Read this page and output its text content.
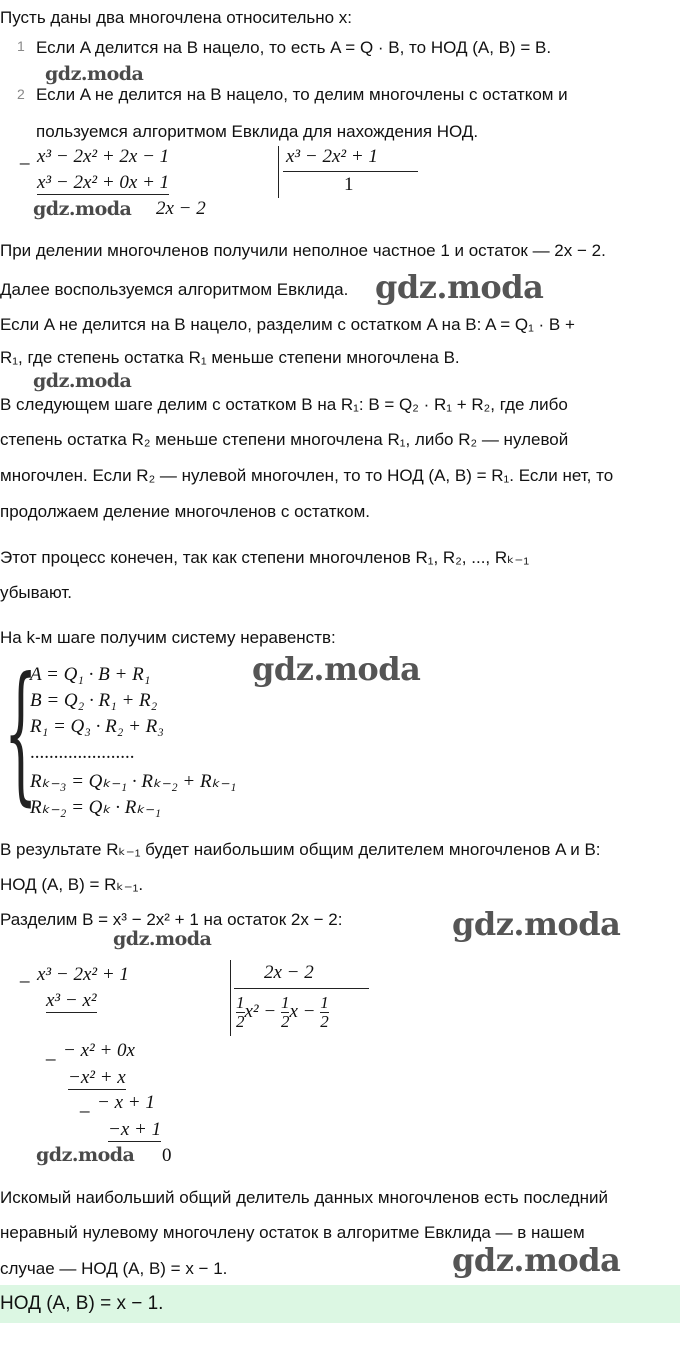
Пусть даны два многочлена относительно x:
1 Если A делится на B нацело, то есть A = Q · B, то НОД (A, B) = B.
gdz.moda
2 Если A не делится на B нацело, то делим многочлены с остатком и
пользуемся алгоритмом Евклида для нахождения НОД.
_ x³ − 2x² + 2x − 1
x³ − 2x² + 0x + 1
2x − 2
gdz.moda
x³ − 2x² + 1
1
При делении многочленов получили неполное частное 1 и остаток — 2x − 2.
Далее воспользуемся алгоритмом Евклида. gdz.moda
Если A не делится на B нацело, разделим с остатком A на B: A = Q₁ · B +
R₁, где степень остатка R₁ меньше степени многочлена B.
gdz.moda
В следующем шаге делим с остатком B на R₁: B = Q₂ · R₁ + R₂, где либо
степень остатка R₂ меньше степени многочлена R₁, либо R₂ — нулевой
многочлен. Если R₂ — нулевой многочлен, то то НОД (A, B) = R₁. Если нет, то
продолжаем деление многочленов с остатком.
Этот процесс конечен, так как степени многочленов R₁, R₂, ..., Rₖ₋₁
убывают.
На k-м шаге получим систему неравенств:
{
A = Q₁ · B + R₁
B = Q₂ · R₁ + R₂
R₁ = Q₃ · R₂ + R₃
......................
Rₖ₋₃ = Qₖ₋₁ · Rₖ₋₂ + Rₖ₋₁
Rₖ₋₂ = Qₖ · Rₖ₋₁
gdz.moda
В результате Rₖ₋₁ будет наибольшим общим делителем многочленов A и B:
НОД (A, B) = Rₖ₋₁.
Разделим B = x³ − 2x² + 1 на остаток 2x − 2:	gdz.moda
gdz.moda
_ x³ − 2x² + 1
x³ − x²
2x − 2
$\frac{1}{2} x^2 - \frac{1}{2}$ $x - \frac{1}{2}$
_ − x² + 0x
−x² + x
_ − x + 1
−x + 1
0
gdz.moda
Искомый наибольший общий делитель данных многочленов есть последний
неравный нулевому многочлену остаток в алгоритме Евклида — в нашем
случае — НОД (A, B) = x − 1.	gdz.moda
НОД (A, B) = x − 1.
